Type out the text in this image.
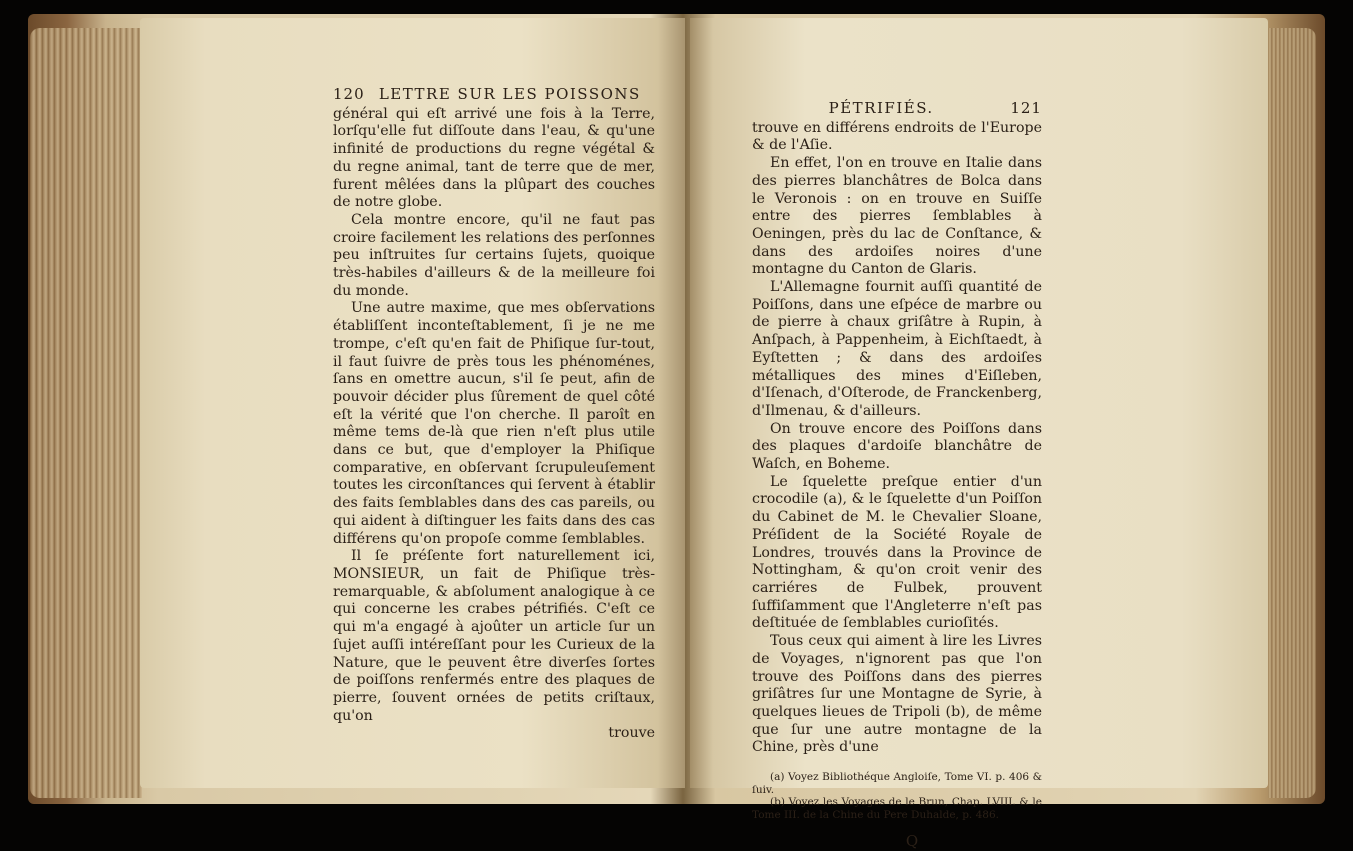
120 LETTRE SUR LES POISSONS

général qui eſt arrivé une fois à la Terre, lorſqu'elle fut diſſoute dans l'eau, & qu'une infinité de productions du regne végétal & du regne animal, tant de terre que de mer, furent mêlées dans la plûpart des couches de notre globe.

Cela montre encore, qu'il ne faut pas croire facilement les relations des perſonnes peu inſtruites ſur certains ſujets, quoique très-habiles d'ailleurs & de la meilleure foi du monde.

Une autre maxime, que mes obſervations établiſſent inconteſtablement, ſi je ne me trompe, c'eſt qu'en fait de Phiſique ſur-tout, il faut ſuivre de près tous les phénoménes, ſans en omettre aucun, s'il ſe peut, afin de pouvoir décider plus ſûrement de quel côté eſt la vérité que l'on cherche. Il paroît en même tems de-là que rien n'eſt plus utile dans ce but, que d'employer la Phiſique comparative, en obſervant ſcrupuleuſement toutes les circonſtances qui ſervent à établir des faits ſemblables dans des cas pareils, ou qui aident à diſtinguer les faits dans des cas différens qu'on propoſe comme ſemblables.

Il ſe préſente fort naturellement ici, MONSIEUR, un fait de Phiſique très-remarquable, & abſolument analogique à ce qui concerne les crabes pétrifiés. C'eſt ce qui m'a engagé à ajoûter un article ſur un ſujet auſſi intéreſſant pour les Curieux de la Nature, que le peuvent être diverſes ſortes de poiſſons renfermés entre des plaques de pierre, ſouvent ornées de petits criſtaux, qu'on

trouve
PÉTRIFIÉS.	121

trouve en différens endroits de l'Europe & de l'Aſie.

En effet, l'on en trouve en Italie dans des pierres blanchâtres de Bolca dans le Veronois : on en trouve en Suiſſe entre des pierres ſemblables à Oeningen, près du lac de Conſtance, & dans des ardoiſes noires d'une montagne du Canton de Glaris.

L'Allemagne fournit auſſi quantité de Poiſſons, dans une eſpéce de marbre ou de pierre à chaux griſâtre à Rupin, à Anſpach, à Pappenheim, à Eichſtaedt, à Eyſtetten ; & dans des ardoiſes métalliques des mines d'Eiſleben, d'Iſenach, d'Oſterode, de Franckenberg, d'Ilmenau, & d'ailleurs.

On trouve encore des Poiſſons dans des plaques d'ardoiſe blanchâtre de Waſch, en Boheme.

Le ſquelette preſque entier d'un crocodile (a), & le ſquelette d'un Poiſſon du Cabinet de M. le Chevalier Sloane, Préſident de la Société Royale de Londres, trouvés dans la Province de Nottingham, & qu'on croit venir des carriéres de Fulbek, prouvent ſuffiſamment que l'Angleterre n'eſt pas deſtituée de ſemblables curioſités.

Tous ceux qui aiment à lire les Livres de Voyages, n'ignorent pas que l'on trouve des Poiſſons dans des pierres griſâtres ſur une Montagne de Syrie, à quelques lieues de Tripoli (b), de même que ſur une autre montagne de la Chine, près d'une

(a) Voyez Bibliothéque Angloiſe, Tome VI. p. 406 & ſuiv.

(b) Voyez les Voyages de le Brun, Chap. LVIII. & le Tome III. de la Chine du Pere Duhalde, p. 486.

Q
